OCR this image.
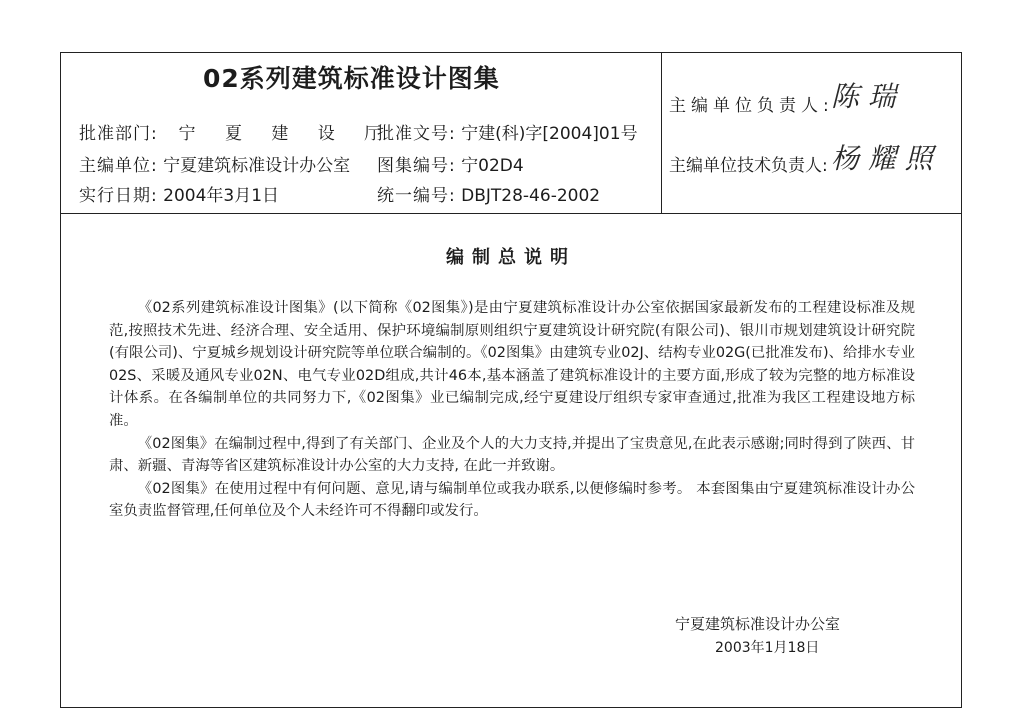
02系列建筑标准设计图集
批准部门: 宁 夏 建 设 厅
批准文号: 宁建(科)字[2004]01号
主编单位: 宁夏建筑标准设计办公室 图集编号: 宁02D4
实行日期: 2004年3月1日	统一编号: DBJT28-46-2002
主编单位负责人:
陈 瑞
主编单位技术负责人: 杨 耀 照
编制总说明

《02系列建筑标准设计图集》(以下简称《02图集》)是由宁夏建筑标准设计办公室依据国家最新发布的工程建设标准及规范,按照技术先进、经济合理、安全适用、保护环境编制原则组织宁夏建筑设计研究院(有限公司)、银川市规划建筑设计研究院(有限公司)、宁夏城乡规划设计研究院等单位联合编制的。《02图集》由建筑专业02J、结构专业02G(已批准发布)、给排水专业02S、采暖及通风专业02N、电气专业02D组成,共计46本,基本涵盖了建筑标准设计的主要方面,形成了较为完整的地方标准设计体系。在各编制单位的共同努力下,《02图集》业已编制完成,经宁夏建设厅组织专家审查通过,批准为我区工程建设地方标准。

《02图集》在编制过程中,得到了有关部门、企业及个人的大力支持,并提出了宝贵意见,在此表示感谢;同时得到了陕西、甘肃、新疆、青海等省区建筑标准设计办公室的大力支持, 在此一并致谢。

《02图集》在使用过程中有何问题、意见,请与编制单位或我办联系,以便修编时参考。 本套图集由宁夏建筑标准设计办公室负责监督管理,任何单位及个人未经许可不得翻印或发行。

宁夏建筑标准设计办公室
2003年1月18日
